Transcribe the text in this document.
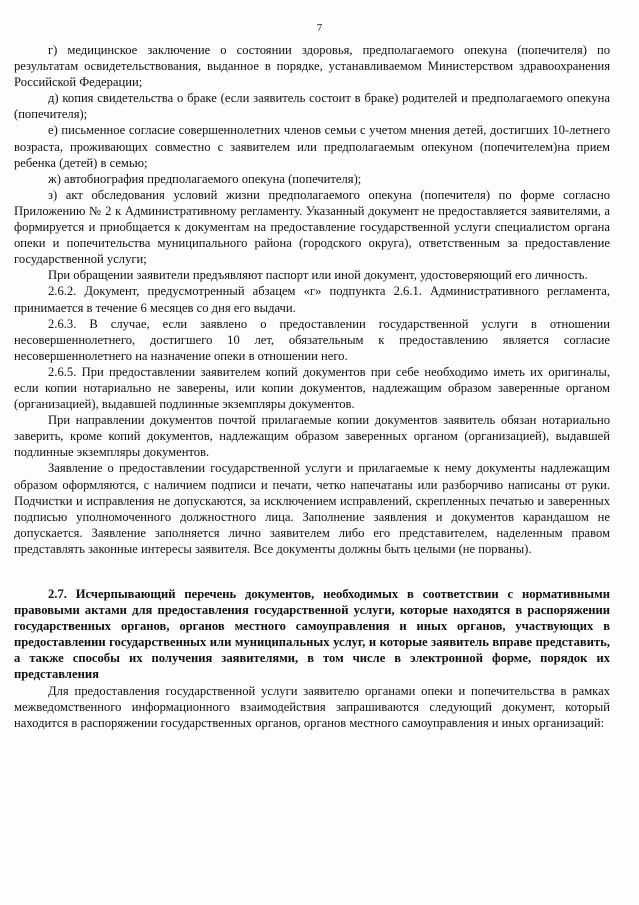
7

г) медицинское заключение о состоянии здоровья, предполагаемого опекуна (попечителя) по результатам освидетельствования, выданное в порядке, устанавливаемом Министерством здравоохранения Российской Федерации;

д) копия свидетельства о браке (если заявитель состоит в браке) родителей и предполагаемого опекуна (попечителя);

е) письменное согласие совершеннолетних членов семьи с учетом мнения детей, достигших 10-летнего возраста, проживающих совместно с заявителем или предполагаемым опекуном (попечителем)на прием ребенка (детей) в семью;

ж) автобиография предполагаемого опекуна (попечителя);

з) акт обследования условий жизни предполагаемого опекуна (попечителя) по форме согласно Приложению № 2 к Административному регламенту. Указанный документ не предоставляется заявителями, а формируется и приобщается к документам на предоставление государственной услуги специалистом органа опеки и попечительства муниципального района (городского округа), ответственным за предоставление государственной услуги;

При обращении заявители предъявляют паспорт или иной документ, удостоверяющий его личность.

2.6.2. Документ, предусмотренный абзацем «г» подпункта 2.6.1. Административного регламента, принимается в течение 6 месяцев со дня его выдачи.

2.6.3. В случае, если заявлено о предоставлении государственной услуги в отношении несовершеннолетнего, достигшего 10 лет, обязательным к предоставлению является согласие несовершеннолетнего на назначение опеки в отношении него.

2.6.5. При предоставлении заявителем копий документов при себе необходимо иметь их оригиналы, если копии нотариально не заверены, или копии документов, надлежащим образом заверенные органом (организацией), выдавшей подлинные экземпляры документов.

При направлении документов почтой прилагаемые копии документов заявитель обязан нотариально заверить, кроме копий документов, надлежащим образом заверенных органом (организацией), выдавшей подлинные экземпляры документов.

Заявление о предоставлении государственной услуги и прилагаемые к нему документы надлежащим образом оформляются, с наличием подписи и печати, четко напечатаны или разборчиво написаны от руки. Подчистки и исправления не допускаются, за исключением исправлений, скрепленных печатью и заверенных подписью уполномоченного должностного лица. Заполнение заявления и документов карандашом не допускается. Заявление заполняется лично заявителем либо его представителем, наделенным правом представлять законные интересы заявителя. Все документы должны быть целыми (не порваны).

2.7. Исчерпывающий перечень документов, необходимых в соответствии с нормативными правовыми актами для предоставления государственной услуги, которые находятся в распоряжении государственных органов, органов местного самоуправления и иных органов, участвующих в предоставлении государственных или муниципальных услуг, и которые заявитель вправе представить, а также способы их получения заявителями, в том числе в электронной форме, порядок их представления

Для предоставления государственной услуги заявителю органами опеки и попечительства в рамках межведомственного информационного взаимодействия запрашиваются следующий документ, который находится в распоряжении государственных органов, органов местного самоуправления и иных организаций:
